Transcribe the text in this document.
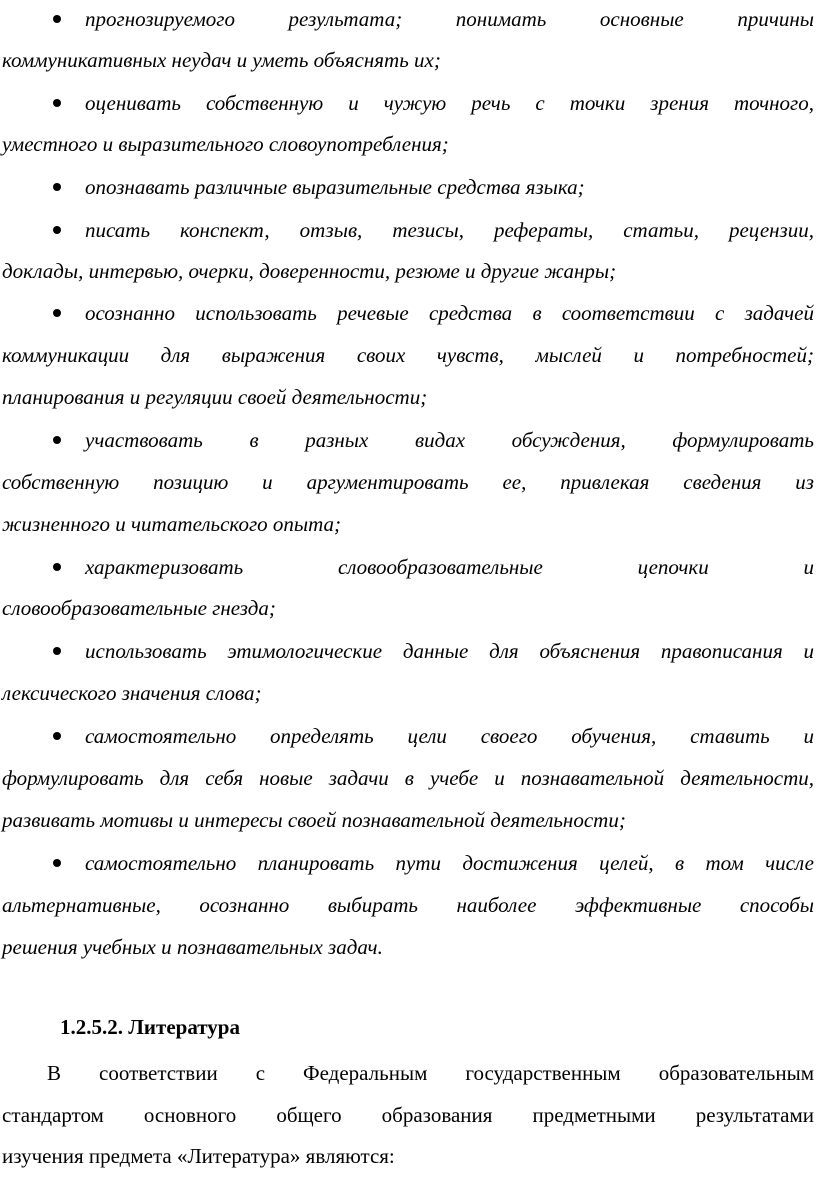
прогнозируемого результата; понимать основные причины
коммуникативных неудач и уметь объяснять их;
оценивать собственную и чужую речь с точки зрения точного,
уместного и выразительного словоупотребления;
опознавать различные выразительные средства языка;
писать конспект, отзыв, тезисы, рефераты, статьи, рецензии,
доклады, интервью, очерки, доверенности, резюме и другие жанры;
осознанно использовать речевые средства в соответствии с задачей
коммуникации для выражения своих чувств, мыслей и потребностей;
планирования и регуляции своей деятельности;
участвовать в разных видах обсуждения, формулировать
собственную позицию и аргументировать ее, привлекая сведения из
жизненного и читательского опыта;
характеризовать словообразовательные цепочки и
словообразовательные гнезда;
использовать этимологические данные для объяснения правописания и
лексического значения слова;
самостоятельно определять цели своего обучения, ставить и
формулировать для себя новые задачи в учебе и познавательной деятельности,
развивать мотивы и интересы своей познавательной деятельности;
самостоятельно планировать пути достижения целей, в том числе
альтернативные, осознанно выбирать наиболее эффективные способы
решения учебных и познавательных задач.
1.2.5.2. Литература
В соответствии с Федеральным государственным образовательным
стандартом основного общего образования предметными результатами
изучения предмета «Литература» являются:
